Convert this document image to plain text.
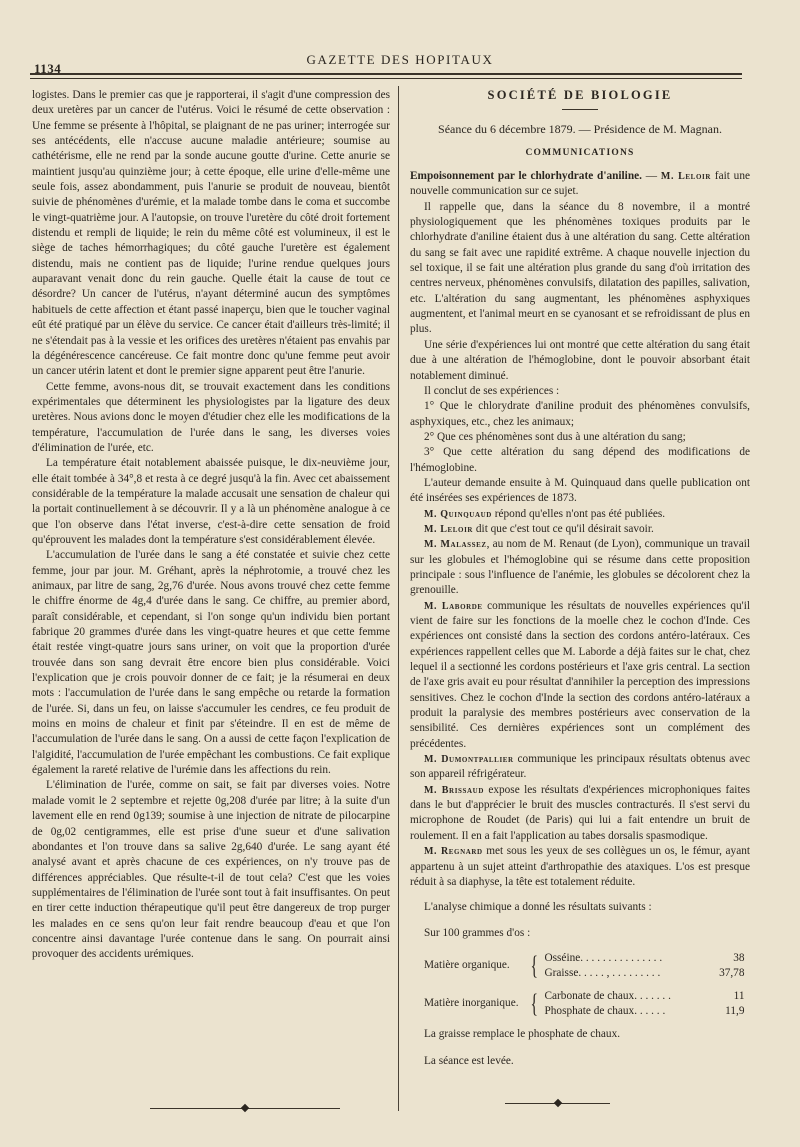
1134
GAZETTE DES HOPITAUX

logistes. Dans le premier cas que je rapporterai, il s'agit d'une compression des deux uretères par un cancer de l'utérus. Voici le résumé de cette observation : Une femme se présente à l'hôpital, se plaignant de ne pas uriner; interrogée sur ses antécédents, elle n'accuse aucune maladie antérieure; soumise au cathétérisme, elle ne rend par la sonde aucune goutte d'urine. Cette anurie se maintient jusqu'au quinzième jour; à cette époque, elle urine d'elle-même une seule fois, assez abondamment, puis l'anurie se produit de nouveau, bientôt suivie de phénomènes d'urémie, et la malade tombe dans le coma et succombe le vingt-quatrième jour. A l'autopsie, on trouve l'uretère du côté droit fortement distendu et rempli de liquide; le rein du même côté est volumineux, il est le siège de taches hémorrhagiques; du côté gauche l'uretère est également distendu, mais ne contient pas de liquide; l'urine rendue quelques jours auparavant venait donc du rein gauche. Quelle était la cause de tout ce désordre? Un cancer de l'utérus, n'ayant déterminé aucun des symptômes habituels de cette affection et étant passé inaperçu, bien que le toucher vaginal eût été pratiqué par un élève du service. Ce cancer était d'ailleurs très-limité; il ne s'étendait pas à la vessie et les orifices des uretères n'étaient pas envahis par la dégénérescence cancéreuse. Ce fait montre donc qu'une femme peut avoir un cancer utérin latent et dont le premier signe apparent peut être l'anurie.

Cette femme, avons-nous dit, se trouvait exactement dans les conditions expérimentales que déterminent les physiologistes par la ligature des deux uretères. Nous avions donc le moyen d'étudier chez elle les modifications de la température, l'accumulation de l'urée dans le sang, les diverses voies d'élimination de l'urée, etc.

La température était notablement abaissée puisque, le dix-neuvième jour, elle était tombée à 34°,8 et resta à ce degré jusqu'à la fin. Avec cet abaissement considérable de la température la malade accusait une sensation de chaleur qui la portait continuellement à se découvrir. Il y a là un phénomène analogue à ce que l'on observe dans l'état inverse, c'est-à-dire cette sensation de froid qu'éprouvent les malades dont la température s'est considérablement élevée.

L'accumulation de l'urée dans le sang a été constatée et suivie chez cette femme, jour par jour. M. Gréhant, après la néphrotomie, a trouvé chez les animaux, par litre de sang, 2g,76 d'urée. Nous avons trouvé chez cette femme le chiffre énorme de 4g,4 d'urée dans le sang. Ce chiffre, au premier abord, paraît considérable, et cependant, si l'on songe qu'un individu bien portant fabrique 20 grammes d'urée dans les vingt-quatre heures et que cette femme était restée vingt-quatre jours sans uriner, on voit que la proportion d'urée trouvée dans son sang devrait être encore bien plus considérable. Voici l'explication que je crois pouvoir donner de ce fait; je la résumerai en deux mots : l'accumulation de l'urée dans le sang empêche ou retarde la formation de l'urée. Si, dans un feu, on laisse s'accumuler les cendres, ce feu produit de moins en moins de chaleur et finit par s'éteindre. Il en est de même de l'accumulation de l'urée dans le sang. On a aussi de cette façon l'explication de l'algidité, l'accumulation de l'urée empêchant les combustions. Ce fait explique également la rareté relative de l'urémie dans les affections du rein.

L'élimination de l'urée, comme on sait, se fait par diverses voies. Notre malade vomit le 2 septembre et rejette 0g,208 d'urée par litre; à la suite d'un lavement elle en rend 0g139; soumise à une injection de nitrate de pilocarpine de 0g,02 centigrammes, elle est prise d'une sueur et d'une salivation abondantes et l'on trouve dans sa salive 2g,640 d'urée. Le sang ayant été analysé avant et après chacune de ces expériences, on n'y trouve pas de différences appréciables. Que résulte-t-il de tout cela? C'est que les voies supplémentaires de l'élimination de l'urée sont tout à fait insuffisantes. On peut en tirer cette induction thérapeutique qu'il peut être dangereux de trop purger les malades en ce sens qu'on leur fait rendre beaucoup d'eau et que l'on concentre ainsi davantage l'urée contenue dans le sang. On pourrait ainsi provoquer des accidents urémiques.

SOCIÉTÉ DE BIOLOGIE
Séance du 6 décembre 1879. — Présidence de M. Magnan.
COMMUNICATIONS

Empoisonnement par le chlorhydrate d'aniline. — M. Leloir fait une nouvelle communication sur ce sujet.

Il rappelle que, dans la séance du 8 novembre, il a montré physiologiquement que les phénomènes toxiques produits par le chlorhydrate d'aniline étaient dus à une altération du sang. Cette altération du sang se fait avec une rapidité extrême. A chaque nouvelle injection du sel toxique, il se fait une altération plus grande du sang d'où irritation des centres nerveux, phénomènes convulsifs, dilatation des papilles, salivation, etc. L'altération du sang augmentant, les phénomènes asphyxiques augmentent, et l'animal meurt en se cyanosant et se refroidissant de plus en plus.

Une série d'expériences lui ont montré que cette altération du sang était due à une altération de l'hémoglobine, dont le pouvoir absorbant était notablement diminué.

Il conclut de ses expériences :

1° Que le chlorydrate d'aniline produit des phénomènes convulsifs, asphyxiques, etc., chez les animaux;

2° Que ces phénomènes sont dus à une altération du sang;

3° Que cette altération du sang dépend des modifications de l'hémoglobine.

L'auteur demande ensuite à M. Quinquaud dans quelle publication ont été insérées ses expériences de 1873.

M. Quinquaud répond qu'elles n'ont pas été publiées.

M. Leloir dit que c'est tout ce qu'il désirait savoir.

M. Malassez, au nom de M. Renaut (de Lyon), communique un travail sur les globules et l'hémoglobine qui se résume dans cette proposition principale : sous l'influence de l'anémie, les globules se décolorent chez la grenouille.

M. Laborde communique les résultats de nouvelles expériences qu'il vient de faire sur les fonctions de la moelle chez le cochon d'Inde. Ces expériences ont consisté dans la section des cordons antéro-latéraux. Ces expériences rappellent celles que M. Laborde a déjà faites sur le chat, chez lequel il a sectionné les cordons postérieurs et l'axe gris central. La section de l'axe gris avait eu pour résultat d'annihiler la perception des impressions sensitives. Chez le cochon d'Inde la section des cordons antéro-latéraux a produit la paralysie des membres postérieurs avec conservation de la sensibilité. Ces dernières expériences sont un complément des précédentes.

M. Dumontpallier communique les principaux résultats obtenus avec son appareil réfrigérateur.

M. Brissaud expose les résultats d'expériences microphoniques faites dans le but d'apprécier le bruit des muscles contracturés. Il s'est servi du microphone de Roudet (de Paris) qui lui a fait entendre un bruit de roulement. Il en a fait l'application au tabes dorsalis spasmodique.

M. Regnard met sous les yeux de ses collègues un os, le fémur, ayant appartenu à un sujet atteint d'arthropathie des ataxiques. L'os est presque réduit à sa diaphyse, la tête est totalement réduite.

L'analyse chimique a donné les résultats suivants :
Sur 100 grammes d'os :
Matière organique. { Osséine. . . . . . . . . . . . . . .	38
Graisse. . . . . , . . . . . . . . .	37,78
Matière inorganique. { Carbonate de chaux. . . . . . .	11
Phosphate de chaux. . . . . .	11,9

La graisse remplace le phosphate de chaux.

La séance est levée.
